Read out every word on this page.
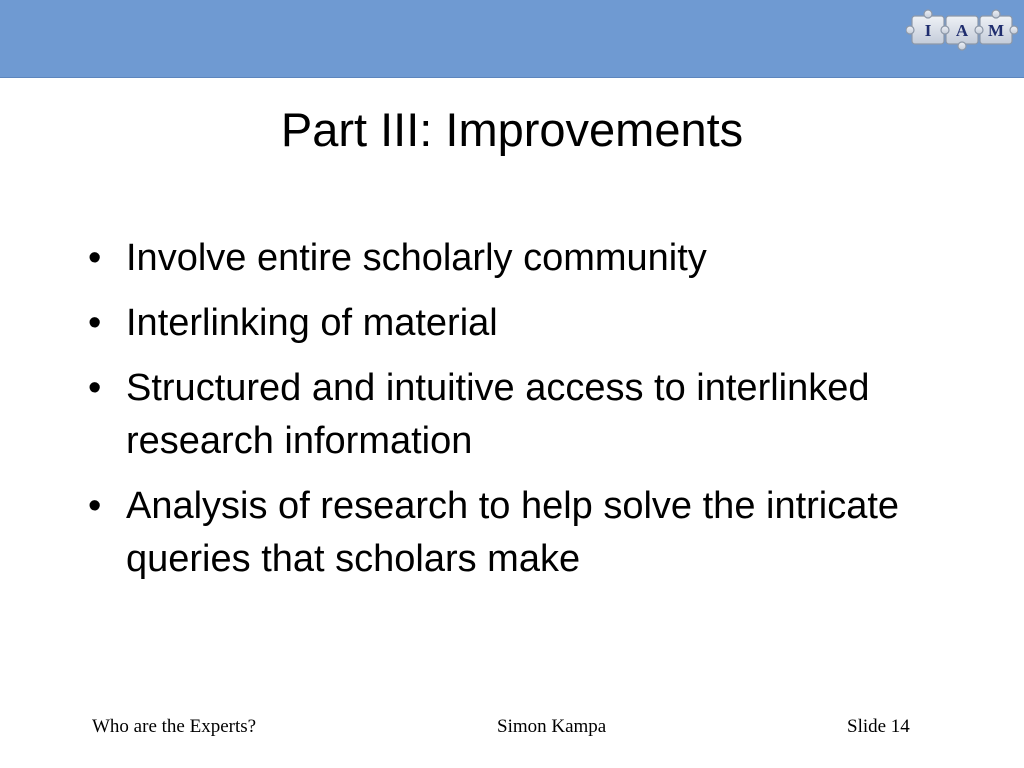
I A M
Part III: Improvements
• Involve entire scholarly community
• Interlinking of material
• Structured and intuitive access to interlinked research information
• Analysis of research to help solve the intricate queries that scholars make
Who are the Experts?	Simon Kampa	Slide 14
